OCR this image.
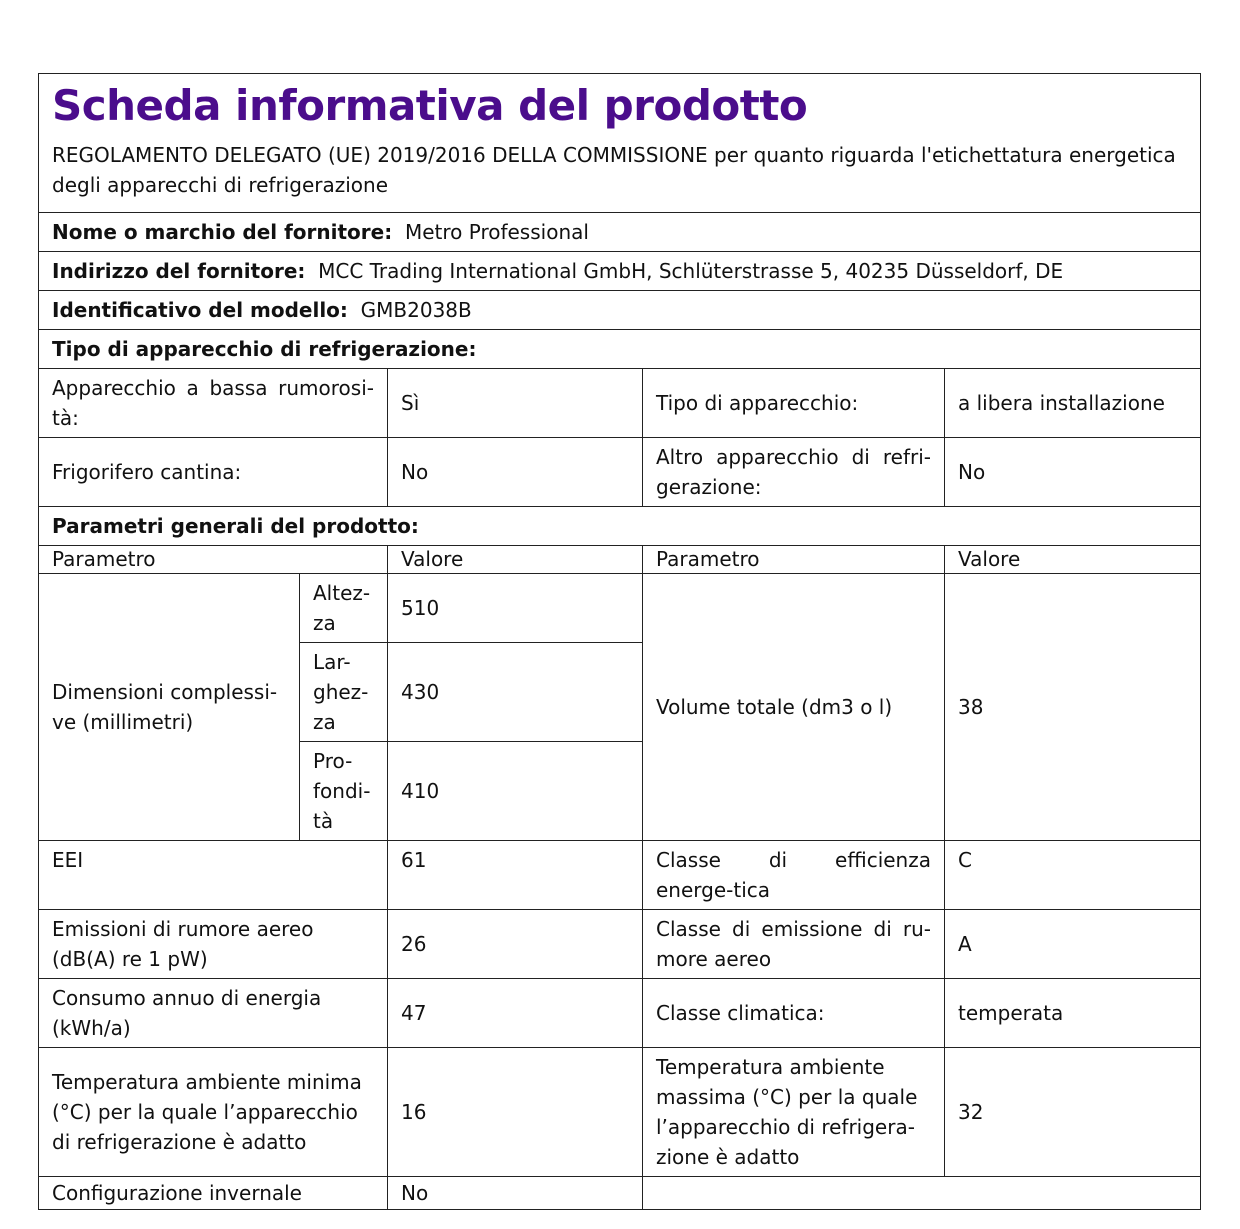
Scheda informativa del prodotto
REGOLAMENTO DELEGATO (UE) 2019/2016 DELLA COMMISSIONE per quanto riguarda l'etichettatura energetica
degli apparecchi di refrigerazione				

Nome o marchio del fornitore: Metro Professional				
Indirizzo del fornitore: MCC Trading International GmbH, Schlüterstrasse 5, 40235 Düsseldorf, DE				
Identificativo del modello: GMB2038B				
Tipo di apparecchio di refrigerazione:				
Apparecchio a bassa rumorosi-tà:		Sì	Tipo di apparecchio:	a libera installazione
Frigorifero cantina:		No	Altro apparecchio di refri-gerazione:	No
Parametri generali del prodotto:				
Parametro		Valore	Parametro	Valore
Dimensioni complessi-ve (millimetri)	Altez-za	510	Volume totale (dm3 o l)	38
	Lar-ghez-za	430		
	Pro-fondi-tà	410		
EEI		61	Classe di efficienza energe-tica	C
Emissioni di rumore aereo (dB(A) re 1 pW)		26	Classe di emissione di ru-more aereo	A
Consumo annuo di energia (kWh/a)		47	Classe climatica:	temperata
Temperatura ambiente minima (°C) per la quale l’apparecchio di refrigerazione è adatto		16	Temperatura ambiente massima (°C) per la quale l’apparecchio di refrigera-zione è adatto	32
Configurazione invernale		No		
